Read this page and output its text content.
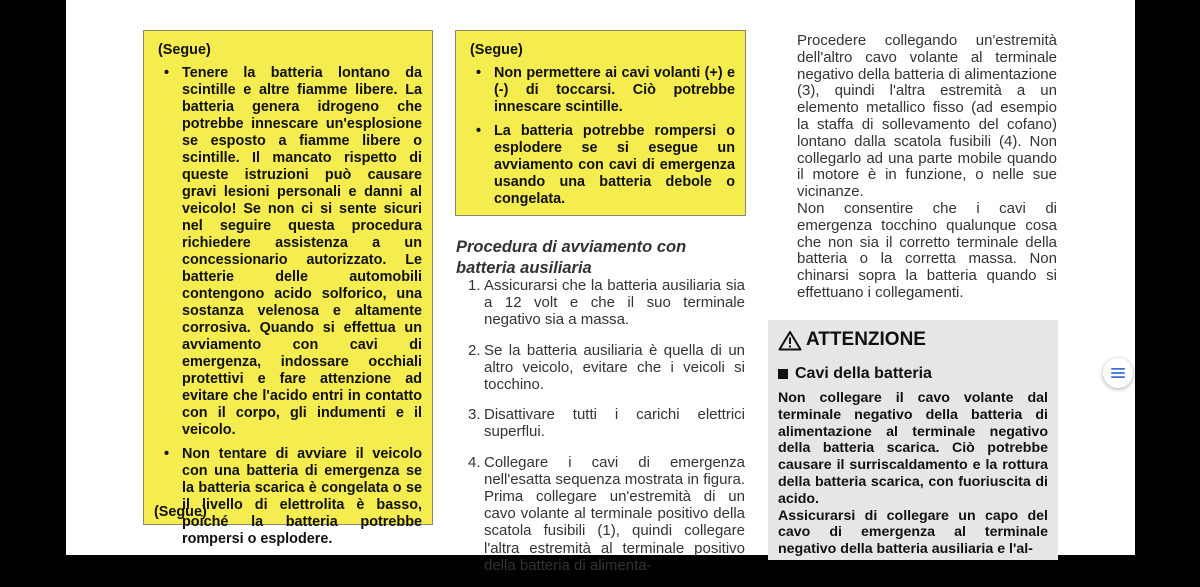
(Segue)

• Tenere la batteria lontano da scintille e altre fiamme libere. La batteria genera idrogeno che potrebbe innescare un'esplosione se esposto a fiamme libere o scintille. Il mancato rispetto di queste istruzioni può causare gravi lesioni personali e danni al veicolo! Se non ci si sente sicuri nel seguire questa procedura richiedere assistenza a un concessionario autorizzato. Le batterie delle automobili contengono acido solforico, una sostanza velenosa e altamente corrosiva. Quando si effettua un avviamento con cavi di emergenza, indossare occhiali protettivi e fare attenzione ad evitare che l'acido entri in contatto con il corpo, gli indumenti e il veicolo.
• Non tentare di avviare il veicolo con una batteria di emergenza se la batteria scarica è congelata o se il livello di elettrolita è basso, poiché la batteria potrebbe rompersi o esplodere.

(Segue)

(Segue)

• Non permettere ai cavi volanti (+) e (-) di toccarsi. Ciò potrebbe innescare scintille.
• La batteria potrebbe rompersi o esplodere se si esegue un avviamento con cavi di emergenza usando una batteria debole o congelata.
Procedura di avviamento con batteria ausiliaria
1. Assicurarsi che la batteria ausiliaria sia a 12 volt e che il suo terminale negativo sia a massa.
2. Se la batteria ausiliaria è quella di un altro veicolo, evitare che i veicoli si tocchino.
3. Disattivare tutti i carichi elettrici superflui.
4. Collegare i cavi di emergenza nell'esatta sequenza mostrata in figura. Prima collegare un'estremità di un cavo volante al terminale positivo della scatola fusibili (1), quindi collegare l'altra estremità al terminale positivo della batteria di alimenta-

Procedere collegando un'estremità dell'altro cavo volante al terminale negativo della batteria di alimentazione (3), quindi l'altra estremità a un elemento metallico fisso (ad esempio la staffa di sollevamento del cofano) lontano dalla scatola fusibili (4). Non collegarlo ad una parte mobile quando il motore è in funzione, o nelle sue vicinanze.

Non consentire che i cavi di emergenza tocchino qualunque cosa che non sia il corretto terminale della batteria o la corretta massa. Non chinarsi sopra la batteria quando si effettuano i collegamenti.

ATTENZIONE
Cavi della batteria

Non collegare il cavo volante dal terminale negativo della batteria di alimentazione al terminale negativo della batteria scarica. Ciò potrebbe causare il surriscaldamento e la rottura della batteria scarica, con fuoriuscita di acido.

Assicurarsi di collegare un capo del cavo di emergenza al terminale negativo della batteria ausiliaria e l'al-
